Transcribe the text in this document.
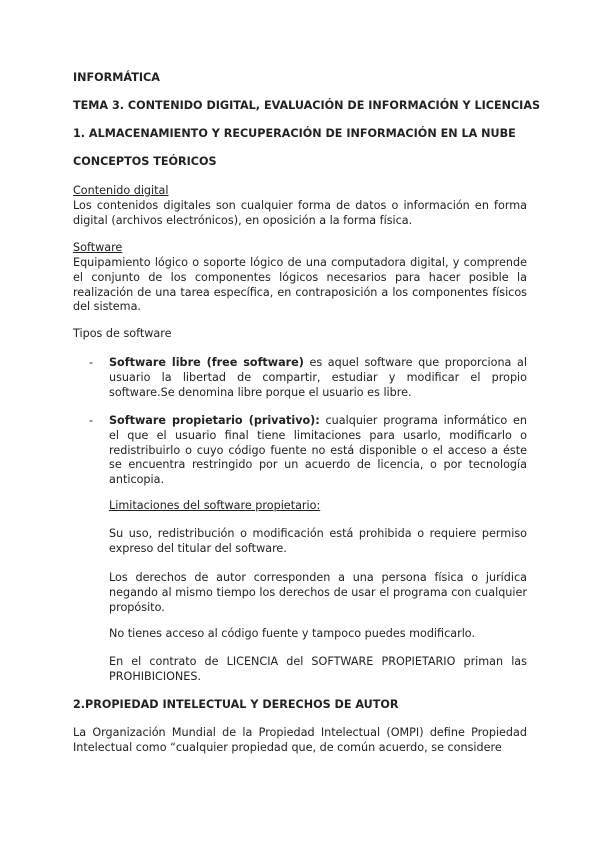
INFORMÁTICA
TEMA 3. CONTENIDO DIGITAL, EVALUACIÓN DE INFORMACIÓN Y LICENCIAS
1. ALMACENAMIENTO Y RECUPERACIÓN DE INFORMACIÓN EN LA NUBE
CONCEPTOS TEÓRICOS
Contenido digital
Los contenidos digitales son cualquier forma de datos o información en forma digital (archivos electrónicos), en oposición a la forma física.
Software
Equipamiento lógico o soporte lógico de una computadora digital, y comprende el conjunto de los componentes lógicos necesarios para hacer posible la realización de una tarea específica, en contraposición a los componentes físicos del sistema.
Tipos de software
- Software libre (free software) es aquel software que proporciona al usuario la libertad de compartir, estudiar y modificar el propio software.Se denomina libre porque el usuario es libre.
- Software propietario (privativo): cualquier programa informático en el que el usuario final tiene limitaciones para usarlo, modificarlo o redistribuirlo o cuyo código fuente no está disponible o el acceso a éste se encuentra restringido por un acuerdo de licencia, o por tecnología anticopia.
Limitaciones del software propietario:
Su uso, redistribución o modificación está prohibida o requiere permiso expreso del titular del software.
Los derechos de autor corresponden a una persona física o jurídica negando al mismo tiempo los derechos de usar el programa con cualquier propósito.
No tienes acceso al código fuente y tampoco puedes modificarlo.
En el contrato de LICENCIA del SOFTWARE PROPIETARIO priman las PROHIBICIONES.
2.PROPIEDAD INTELECTUAL Y DERECHOS DE AUTOR
La Organización Mundial de la Propiedad Intelectual (OMPI) define Propiedad Intelectual como “cualquier propiedad que, de común acuerdo, se considere
